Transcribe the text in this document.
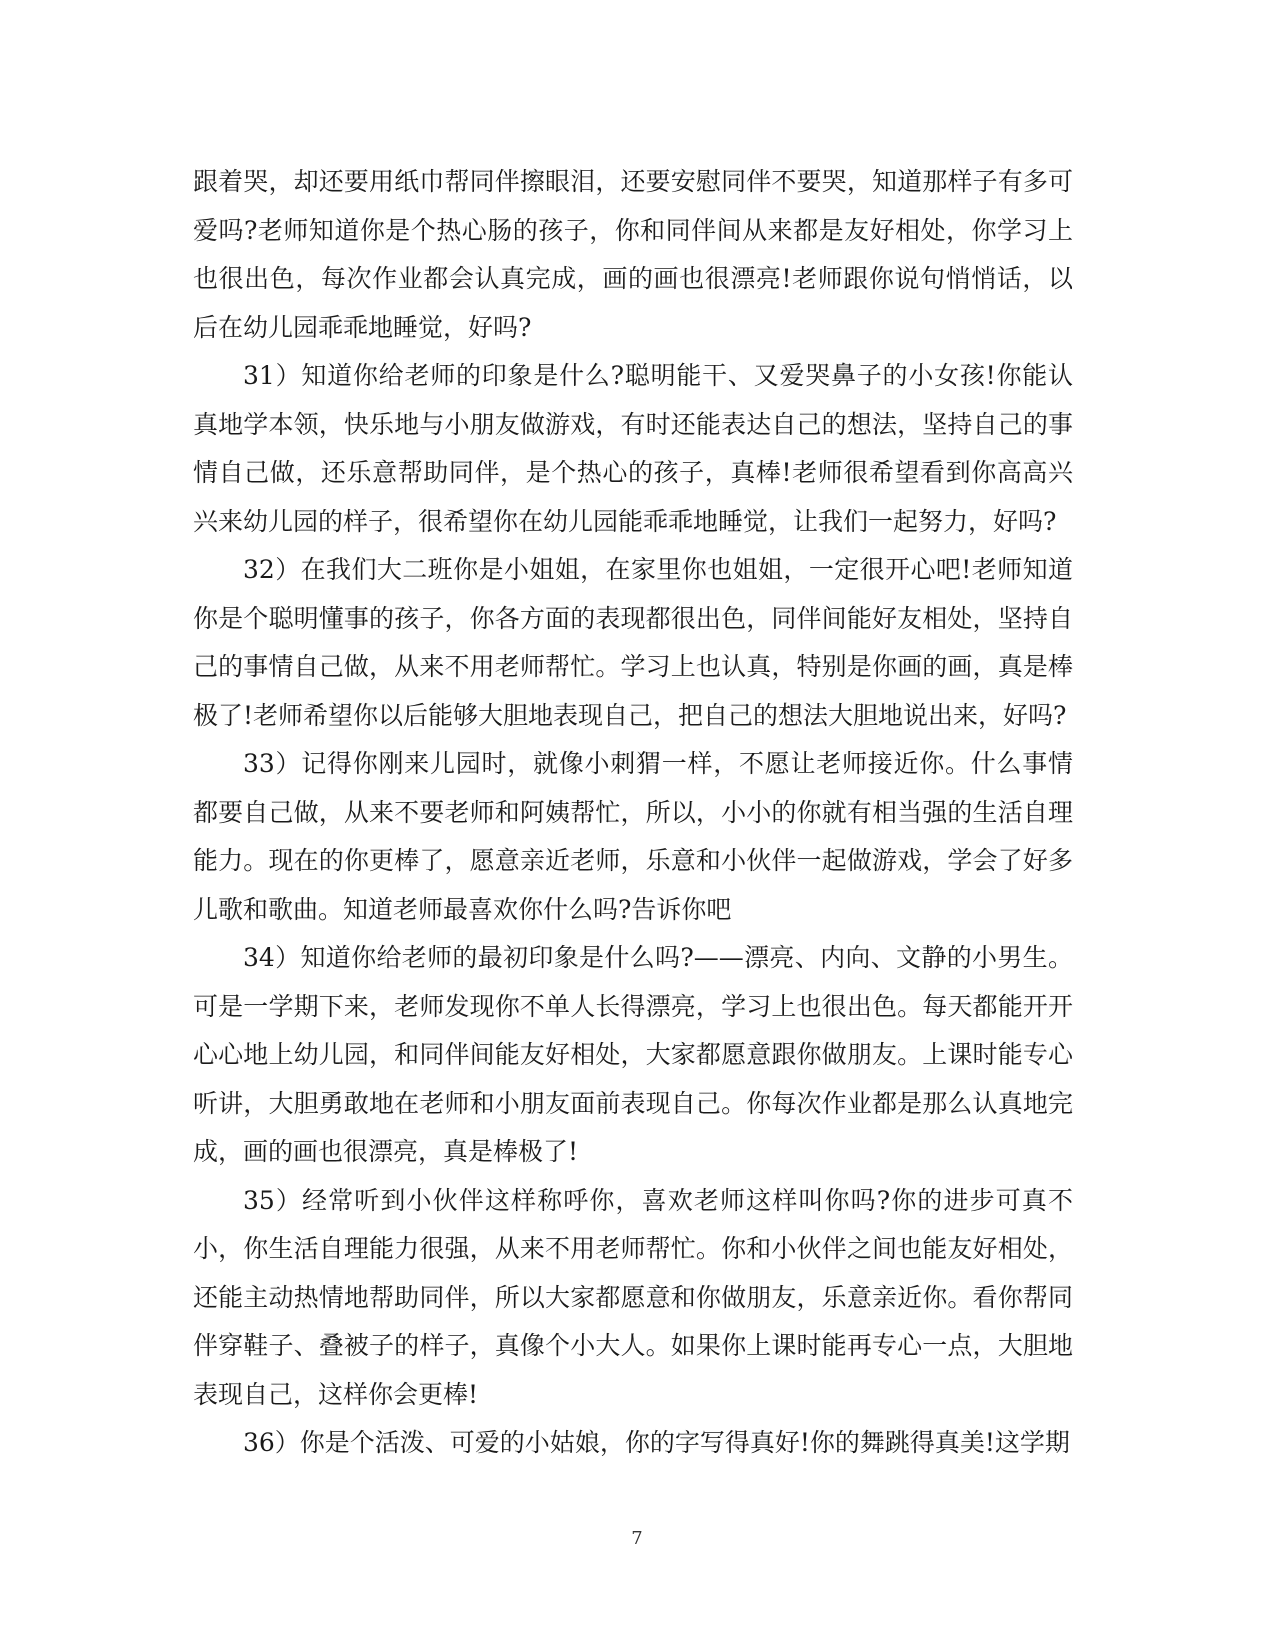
跟着哭，却还要用纸巾帮同伴擦眼泪，还要安慰同伴不要哭，知道那样子有多可爱吗?老师知道你是个热心肠的孩子，你和同伴间从来都是友好相处，你学习上也很出色，每次作业都会认真完成，画的画也很漂亮!老师跟你说句悄悄话，以后在幼儿园乖乖地睡觉，好吗?

31）知道你给老师的印象是什么?聪明能干、又爱哭鼻子的小女孩!你能认真地学本领，快乐地与小朋友做游戏，有时还能表达自己的想法，坚持自己的事情自己做，还乐意帮助同伴，是个热心的孩子，真棒!老师很希望看到你高高兴兴来幼儿园的样子，很希望你在幼儿园能乖乖地睡觉，让我们一起努力，好吗?

32）在我们大二班你是小姐姐，在家里你也姐姐，一定很开心吧!老师知道你是个聪明懂事的孩子，你各方面的表现都很出色，同伴间能好友相处，坚持自己的事情自己做，从来不用老师帮忙。学习上也认真，特别是你画的画，真是棒极了!老师希望你以后能够大胆地表现自己，把自己的想法大胆地说出来，好吗?

33）记得你刚来儿园时，就像小刺猬一样，不愿让老师接近你。什么事情都要自己做，从来不要老师和阿姨帮忙，所以，小小的你就有相当强的生活自理能力。现在的你更棒了，愿意亲近老师，乐意和小伙伴一起做游戏，学会了好多儿歌和歌曲。知道老师最喜欢你什么吗?告诉你吧

34）知道你给老师的最初印象是什么吗?——漂亮、内向、文静的小男生。可是一学期下来，老师发现你不单人长得漂亮，学习上也很出色。每天都能开开心心地上幼儿园，和同伴间能友好相处，大家都愿意跟你做朋友。上课时能专心听讲，大胆勇敢地在老师和小朋友面前表现自己。你每次作业都是那么认真地完成，画的画也很漂亮，真是棒极了!

35）经常听到小伙伴这样称呼你，喜欢老师这样叫你吗?你的进步可真不小，你生活自理能力很强，从来不用老师帮忙。你和小伙伴之间也能友好相处，还能主动热情地帮助同伴，所以大家都愿意和你做朋友，乐意亲近你。看你帮同伴穿鞋子、叠被子的样子，真像个小大人。如果你上课时能再专心一点，大胆地表现自己，这样你会更棒!

36）你是个活泼、可爱的小姑娘，你的字写得真好!你的舞跳得真美!这学期

7
